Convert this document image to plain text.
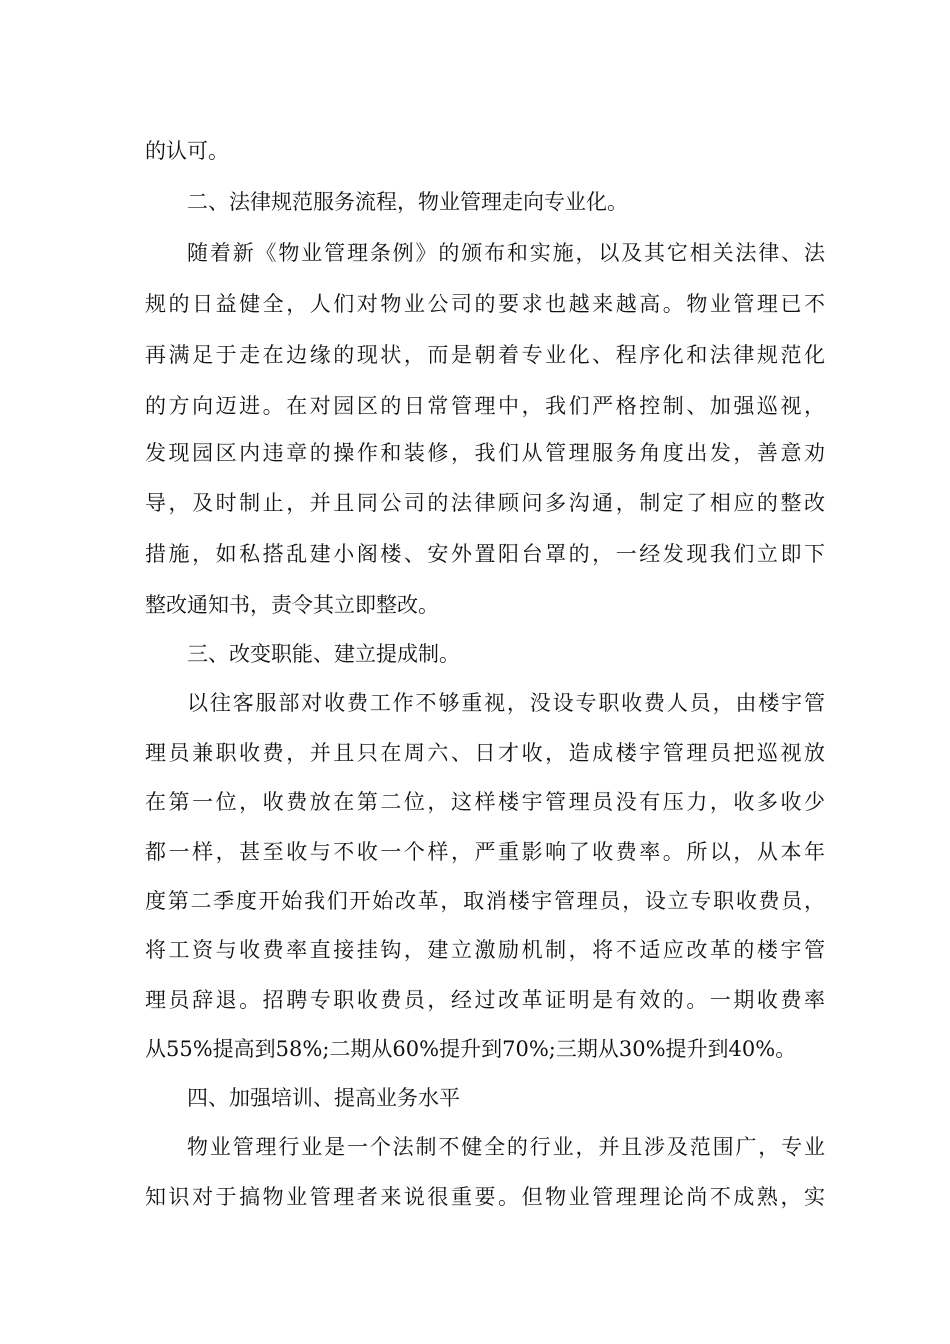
的认可。
二、法律规范服务流程，物业管理走向专业化。
随着新《物业管理条例》的颁布和实施，以及其它相关法律、法
规的日益健全，人们对物业公司的要求也越来越高。物业管理已不
再满足于走在边缘的现状，而是朝着专业化、程序化和法律规范化
的方向迈进。在对园区的日常管理中，我们严格控制、加强巡视，
发现园区内违章的操作和装修，我们从管理服务角度出发，善意劝
导，及时制止，并且同公司的法律顾问多沟通，制定了相应的整改
措施，如私搭乱建小阁楼、安外置阳台罩的，一经发现我们立即下
整改通知书，责令其立即整改。
三、改变职能、建立提成制。
以往客服部对收费工作不够重视，没设专职收费人员，由楼宇管
理员兼职收费，并且只在周六、日才收，造成楼宇管理员把巡视放
在第一位，收费放在第二位，这样楼宇管理员没有压力，收多收少
都一样，甚至收与不收一个样，严重影响了收费率。所以，从本年
度第二季度开始我们开始改革，取消楼宇管理员，设立专职收费员，
将工资与收费率直接挂钩，建立激励机制，将不适应改革的楼宇管
理员辞退。招聘专职收费员，经过改革证明是有效的。一期收费率
从55%提高到58%;二期从60%提升到70%;三期从30%提升到40%。
四、加强培训、提高业务水平
物业管理行业是一个法制不健全的行业，并且涉及范围广，专业
知识对于搞物业管理者来说很重要。但物业管理理论尚不成熟，实
